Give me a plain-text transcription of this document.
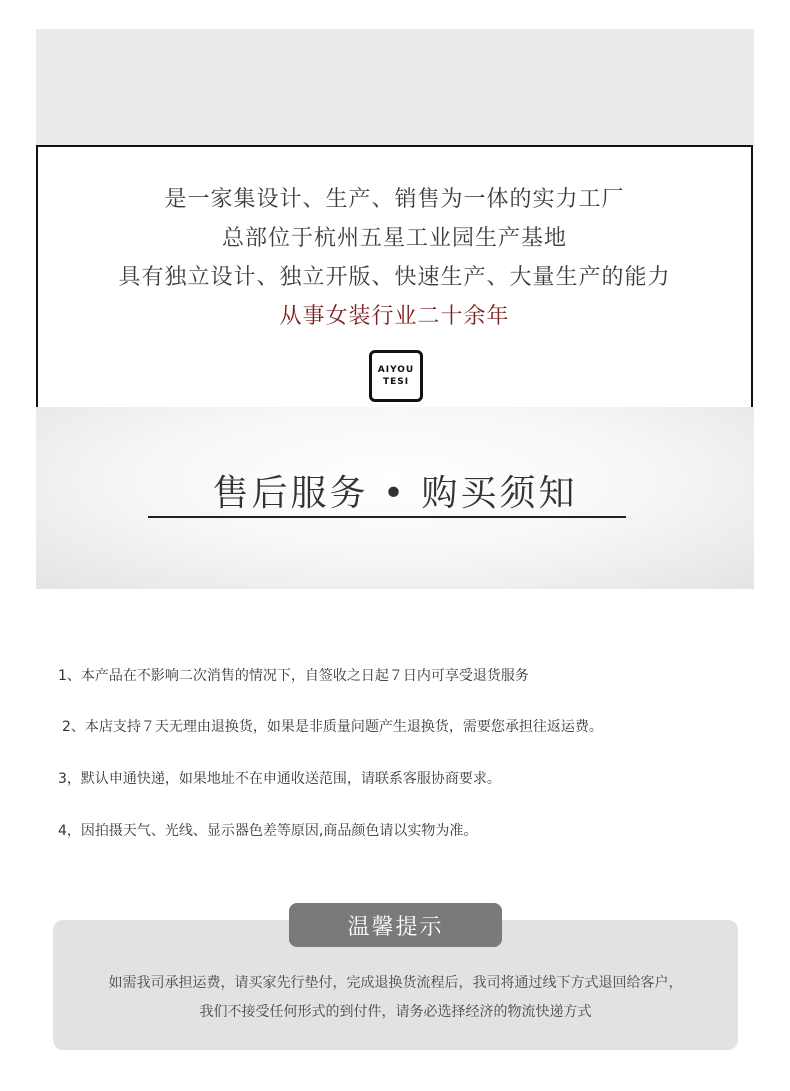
是一家集设计、生产、销售为一体的实力工厂
总部位于杭州五星工业园生产基地
具有独立设计、独立开版、快速生产、大量生产的能力
从事女装行业二十余年
AIYOU
TESI
售后服务 • 购买须知
1、本产品在不影响二次消售的情况下，自签收之日起７日内可享受退货服务
2、本店支持７天无理由退换货，如果是非质量问题产生退换货，需要您承担往返运费。
3，默认申通快递，如果地址不在申通收送范围，请联系客服协商要求。
4，因拍摄天气、光线、显示器色差等原因,商品颜色请以实物为准。
温馨提示
如需我司承担运费，请买家先行垫付，完成退换货流程后，我司将通过线下方式退回给客户，
我们不接受任何形式的到付件，请务必选择经济的物流快递方式
